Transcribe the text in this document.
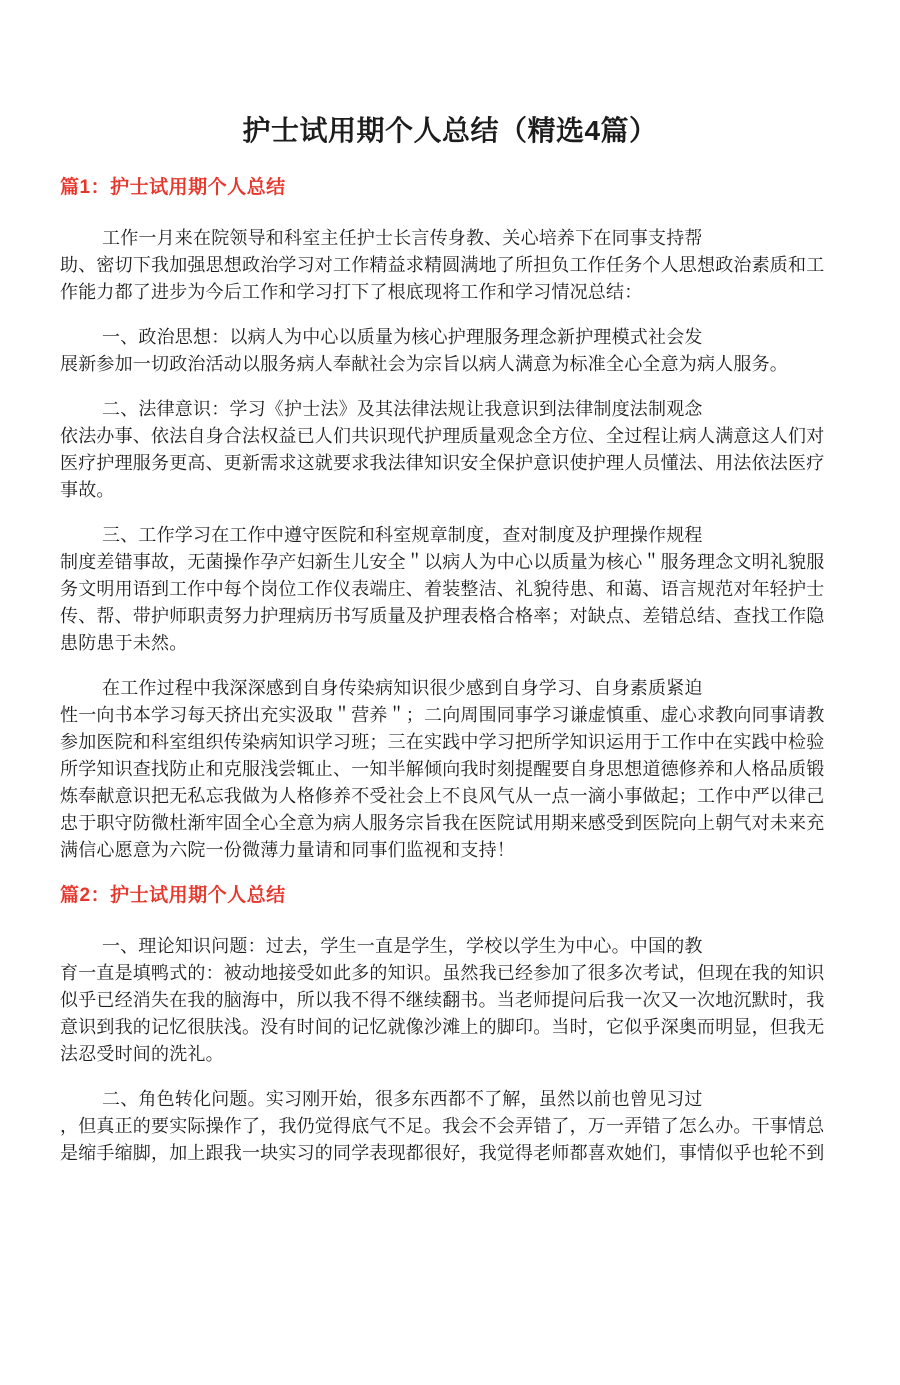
护士试用期个人总结（精选4篇）
篇1：护士试用期个人总结

工作一月来在院领导和科室主任护士长言传身教、关心培养下在同事支持帮
助、密切下我加强思想政治学习对工作精益求精圆满地了所担负工作任务个人思想政治素质和工
作能力都了进步为今后工作和学习打下了根底现将工作和学习情况总结：

一、政治思想：以病人为中心以质量为核心护理服务理念新护理模式社会发
展新参加一切政治活动以服务病人奉献社会为宗旨以病人满意为标准全心全意为病人服务。

二、法律意识：学习《护士法》及其法律法规让我意识到法律制度法制观念
依法办事、依法自身合法权益已人们共识现代护理质量观念全方位、全过程让病人满意这人们对
医疗护理服务更高、更新需求这就要求我法律知识安全保护意识使护理人员懂法、用法依法医疗
事故。

三、工作学习在工作中遵守医院和科室规章制度，查对制度及护理操作规程
制度差错事故，无菌操作孕产妇新生儿安全＂以病人为中心以质量为核心＂服务理念文明礼貌服
务文明用语到工作中每个岗位工作仪表端庄、着装整洁、礼貌待患、和蔼、语言规范对年轻护士
传、帮、带护师职责努力护理病历书写质量及护理表格合格率；对缺点、差错总结、查找工作隐
患防患于未然。

在工作过程中我深深感到自身传染病知识很少感到自身学习、自身素质紧迫
性一向书本学习每天挤出充实汲取＂营养＂；二向周围同事学习谦虚慎重、虚心求教向同事请教
参加医院和科室组织传染病知识学习班；三在实践中学习把所学知识运用于工作中在实践中检验
所学知识查找防止和克服浅尝辄止、一知半解倾向我时刻提醒要自身思想道德修养和人格品质锻
炼奉献意识把无私忘我做为人格修养不受社会上不良风气从一点一滴小事做起；工作中严以律己
忠于职守防微杜渐牢固全心全意为病人服务宗旨我在医院试用期来感受到医院向上朝气对未来充
满信心愿意为六院一份微薄力量请和同事们监视和支持！

篇2：护士试用期个人总结

一、理论知识问题：过去，学生一直是学生，学校以学生为中心。中国的教
育一直是填鸭式的：被动地接受如此多的知识。虽然我已经参加了很多次考试，但现在我的知识
似乎已经消失在我的脑海中，所以我不得不继续翻书。当老师提问后我一次又一次地沉默时，我
意识到我的记忆很肤浅。没有时间的记忆就像沙滩上的脚印。当时，它似乎深奥而明显，但我无
法忍受时间的洗礼。

二、角色转化问题。实习刚开始，很多东西都不了解，虽然以前也曾见习过
，但真正的要实际操作了，我仍觉得底气不足。我会不会弄错了，万一弄错了怎么办。干事情总
是缩手缩脚，加上跟我一块实习的同学表现都很好，我觉得老师都喜欢她们，事情似乎也轮不到
